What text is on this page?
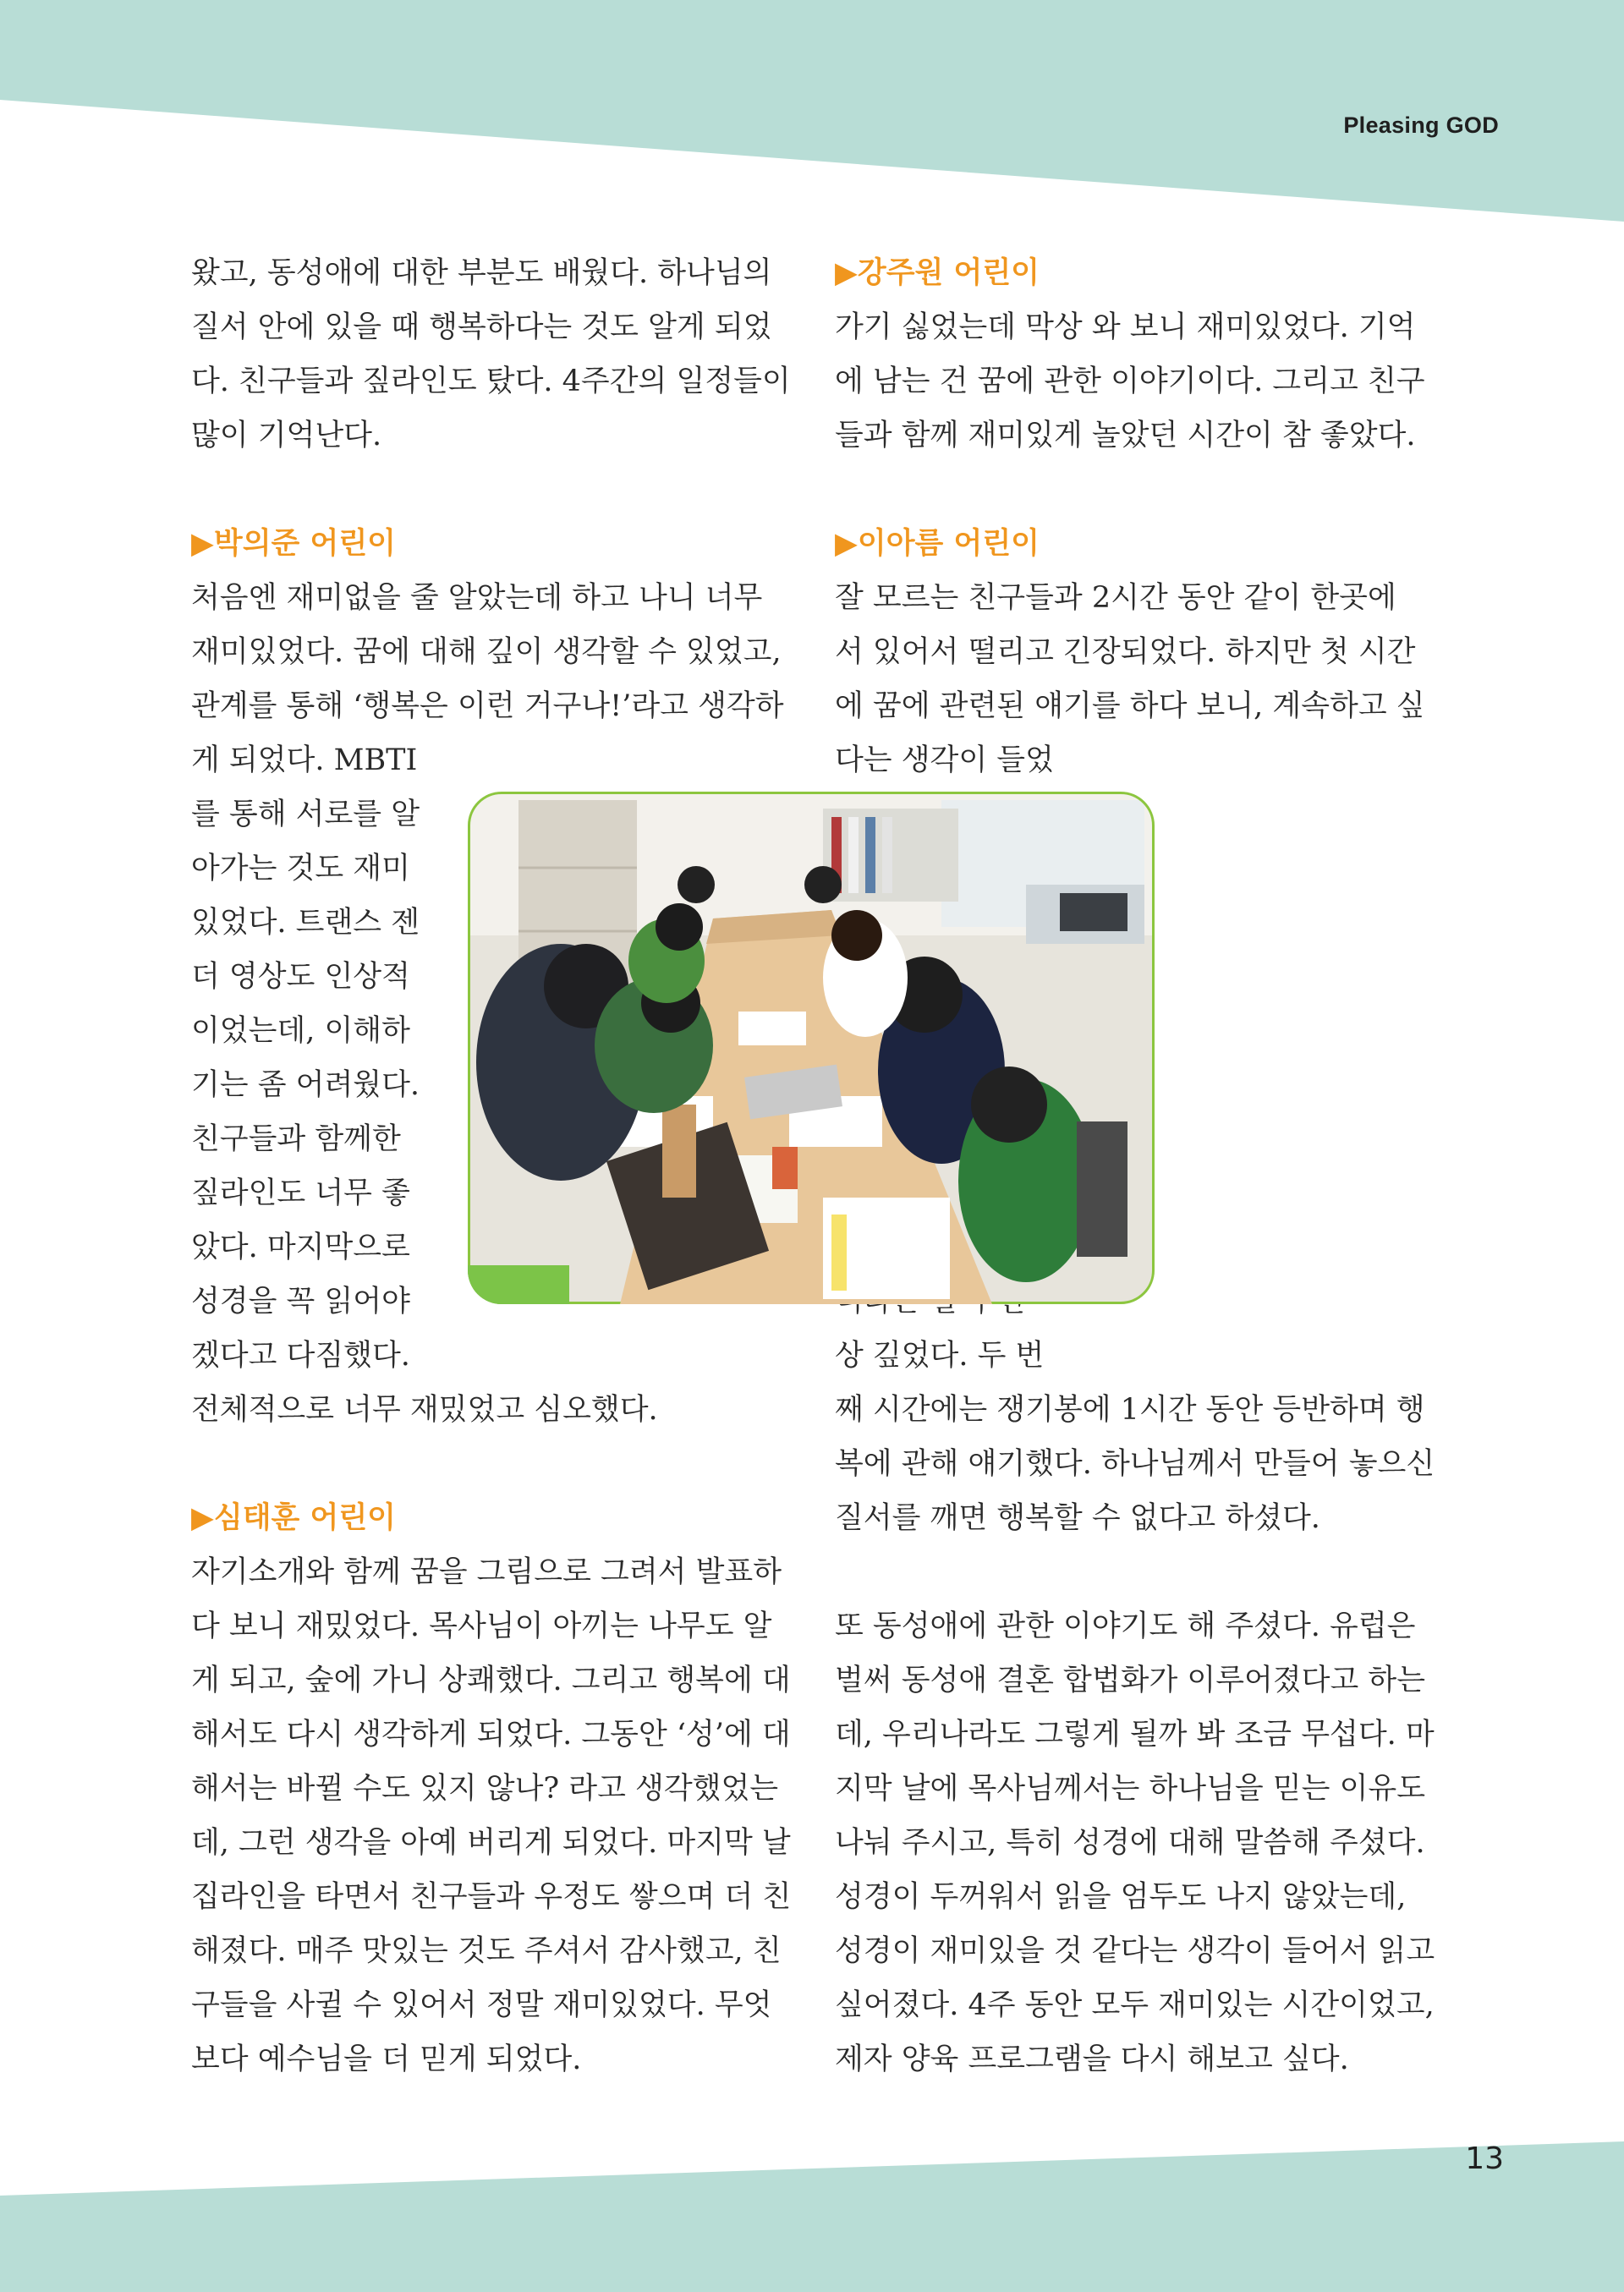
Pleasing GOD

왔고, 동성애에 대한 부분도 배웠다. 하나님의
질서 안에 있을 때 행복하다는 것도 알게 되었
다. 친구들과 짚라인도 탔다. 4주간의 일정들이
많이 기억난다.

▶박의준 어린이

처음엔 재미없을 줄 알았는데 하고 나니 너무
재미있었다. 꿈에 대해 깊이 생각할 수 있었고,
관계를 통해 ‘행복은 이런 거구나!’라고 생각하

게 되었다. MBTI
를 통해 서로를 알
아가는 것도 재미
있었다. 트랜스 젠
더 영상도 인상적
이었는데, 이해하
기는 좀 어려웠다.
친구들과 함께한
짚라인도 너무 좋
았다. 마지막으로
성경을 꼭 읽어야
겠다고 다짐했다.

전체적으로 너무 재밌었고 심오했다.

▶심태훈 어린이

자기소개와 함께 꿈을 그림으로 그려서 발표하
다 보니 재밌었다. 목사님이 아끼는 나무도 알
게 되고, 숲에 가니 상쾌했다. 그리고 행복에 대
해서도 다시 생각하게 되었다. 그동안 ‘성’에 대
해서는 바뀔 수도 있지 않나? 라고 생각했었는
데, 그런 생각을 아예 버리게 되었다. 마지막 날
집라인을 타면서 친구들과 우정도 쌓으며 더 친
해졌다. 매주 맛있는 것도 주셔서 감사했고, 친
구들을 사귈 수 있어서 정말 재미있었다. 무엇
보다 예수님을 더 믿게 되었다.

▶강주원 어린이

가기 싫었는데 막상 와 보니 재미있었다. 기억
에 남는 건 꿈에 관한 이야기이다. 그리고 친구
들과 함께 재미있게 놀았던 시간이 참 좋았다.

▶이아름 어린이

잘 모르는 친구들과 2시간 동안 같이 한곳에
서 있어서 떨리고 긴장되었다. 하지만 첫 시간
에 꿈에 관련된 얘기를 하다 보니, 계속하고 싶

다는 생각이 들었
상 깊었다. 두 번

째 시간에는 쟁기봉에 1시간 동안 등반하며 행
복에 관해 얘기했다. 하나님께서 만들어 놓으신
질서를 깨면 행복할 수 없다고 하셨다.

또 동성애에 관한 이야기도 해 주셨다. 유럽은
벌써 동성애 결혼 합법화가 이루어졌다고 하는
데, 우리나라도 그렇게 될까 봐 조금 무섭다. 마
지막 날에 목사님께서는 하나님을 믿는 이유도
나눠 주시고, 특히 성경에 대해 말씀해 주셨다.
성경이 두꺼워서 읽을 엄두도 나지 않았는데,
성경이 재미있을 것 같다는 생각이 들어서 읽고
싶어졌다. 4주 동안 모두 재미있는 시간이었고,
제자 양육 프로그램을 다시 해보고 싶다.

13
